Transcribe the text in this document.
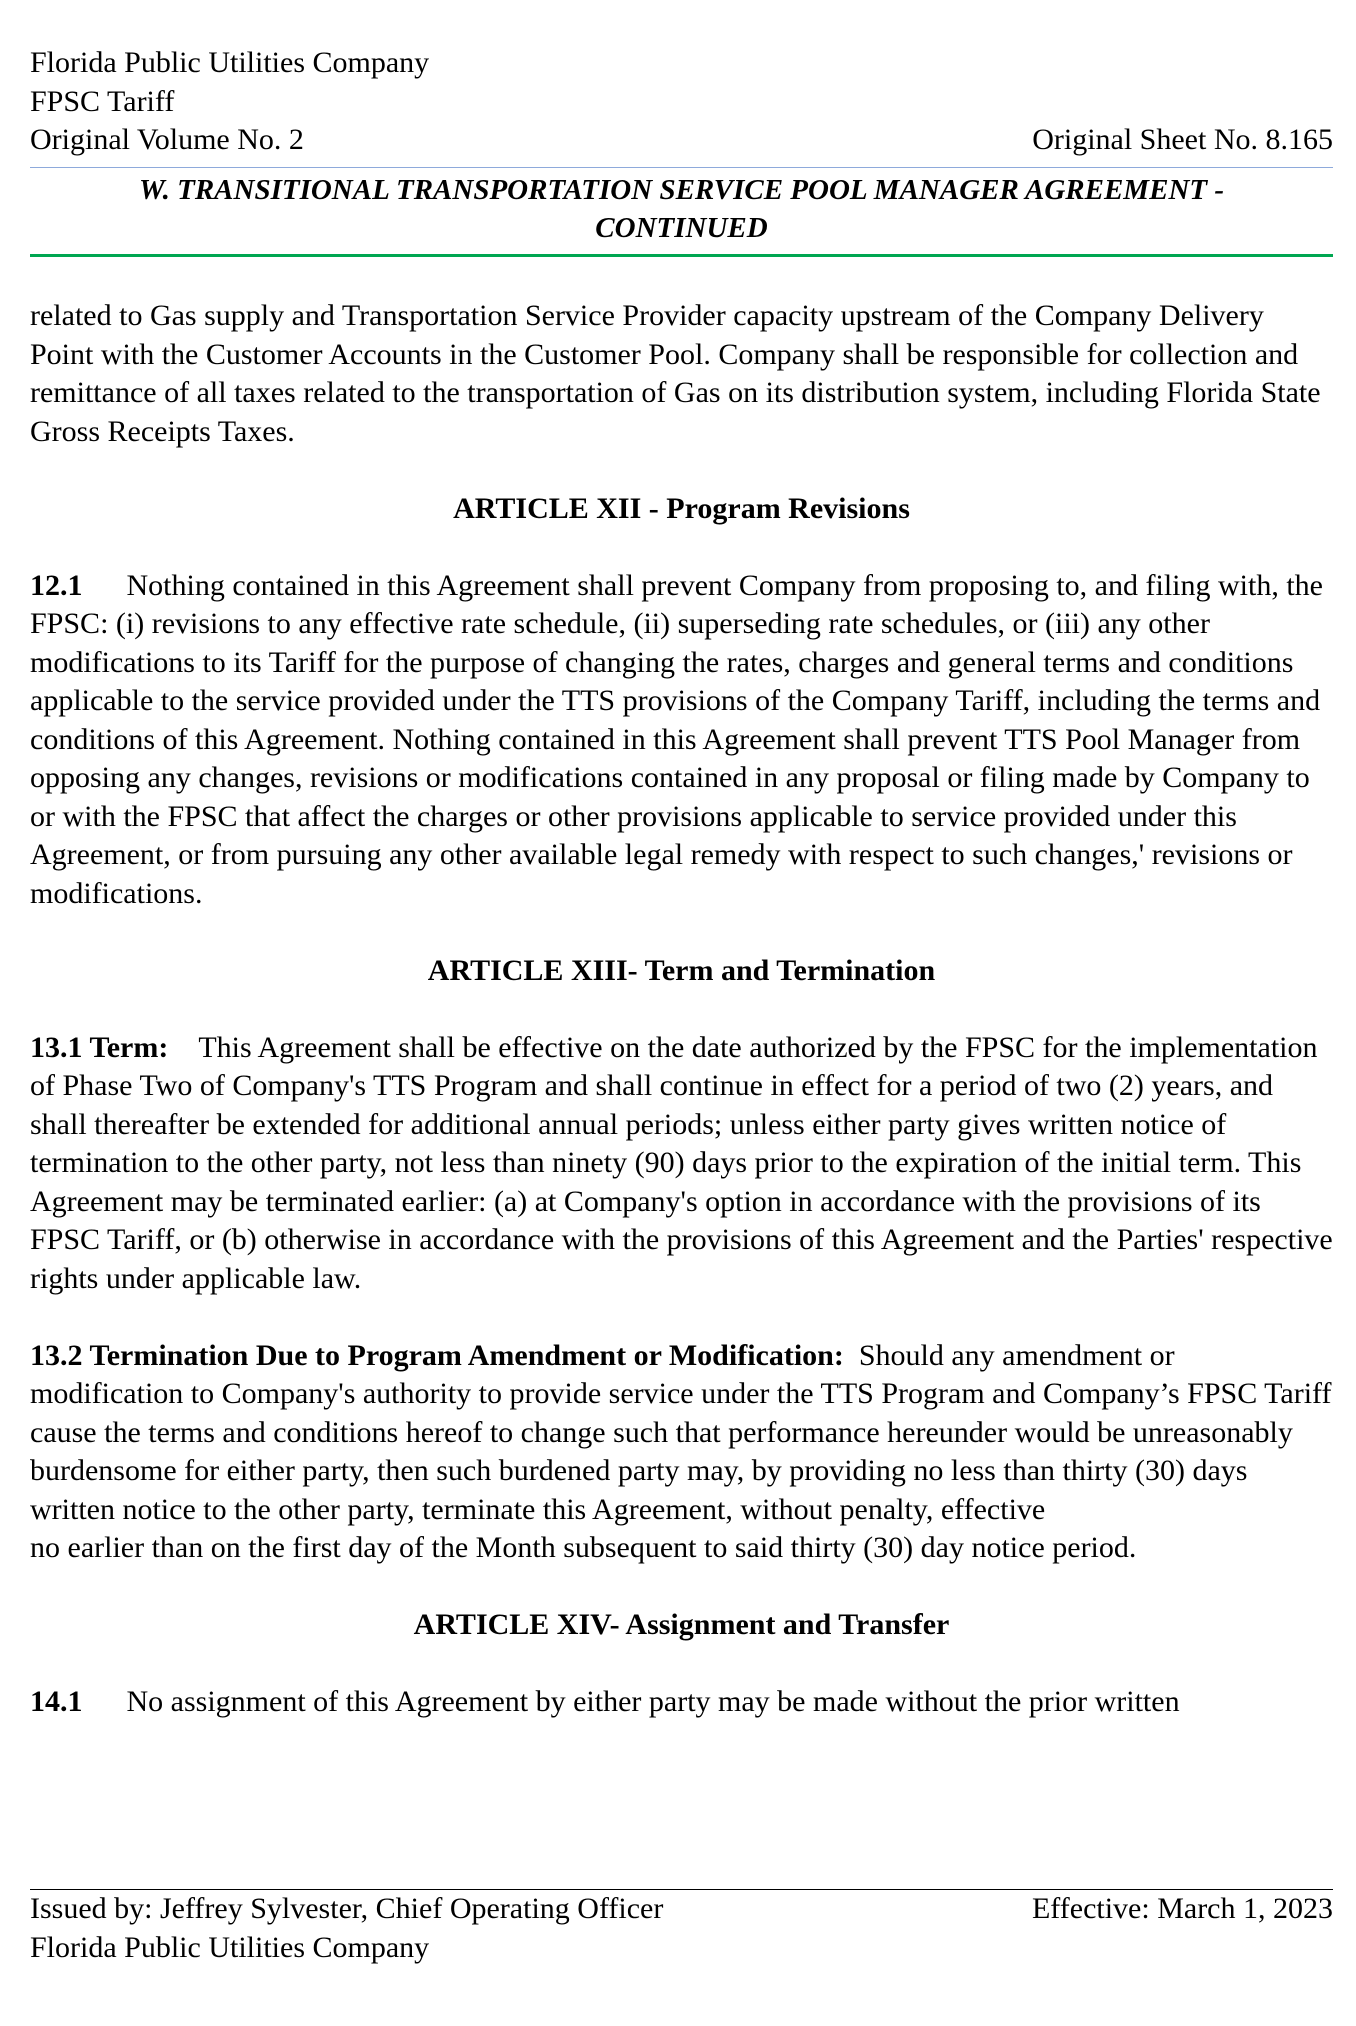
Florida Public Utilities Company
FPSC Tariff
Original Volume No. 2	Original Sheet No. 8.165
W. TRANSITIONAL TRANSPORTATION SERVICE POOL MANAGER AGREEMENT -
CONTINUED

related to Gas supply and Transportation Service Provider capacity upstream of the Company Delivery Point with the Customer Accounts in the Customer Pool. Company shall be responsible for collection and remittance of all taxes related to the transportation of Gas on its distribution system, including Florida State Gross Receipts Taxes.

ARTICLE XII - Program Revisions

12.1 Nothing contained in this Agreement shall prevent Company from proposing to, and filing with, the FPSC: (i) revisions to any effective rate schedule, (ii) superseding rate schedules, or (iii) any other modifications to its Tariff for the purpose of changing the rates, charges and general terms and conditions applicable to the service provided under the TTS provisions of the Company Tariff, including the terms and conditions of this Agreement. Nothing contained in this Agreement shall prevent TTS Pool Manager from opposing any changes, revisions or modifications contained in any proposal or filing made by Company to or with the FPSC that affect the charges or other provisions applicable to service provided under this Agreement, or from pursuing any other available legal remedy with respect to such changes,' revisions or modifications.

ARTICLE XIII- Term and Termination

13.1 Term: This Agreement shall be effective on the date authorized by the FPSC for the implementation of Phase Two of Company's TTS Program and shall continue in effect for a period of two (2) years, and shall thereafter be extended for additional annual periods; unless either party gives written notice of termination to the other party, not less than ninety (90) days prior to the expiration of the initial term. This Agreement may be terminated earlier: (a) at Company's option in accordance with the provisions of its FPSC Tariff, or (b) otherwise in accordance with the provisions of this Agreement and the Parties' respective rights under applicable law.

13.2 Termination Due to Program Amendment or Modification: Should any amendment or modification to Company's authority to provide service under the TTS Program and Company’s FPSC Tariff cause the terms and conditions hereof to change such that performance hereunder would be unreasonably burdensome for either party, then such burdened party may, by providing no less than thirty (30) days written notice to the other party, terminate this Agreement, without penalty, effective

no earlier than on the first day of the Month subsequent to said thirty (30) day notice period.

ARTICLE XIV- Assignment and Transfer

14.1 No assignment of this Agreement by either party may be made without the prior written

Issued by: Jeffrey Sylvester, Chief Operating Officer	Effective: March 1, 2023
Florida Public Utilities Company
